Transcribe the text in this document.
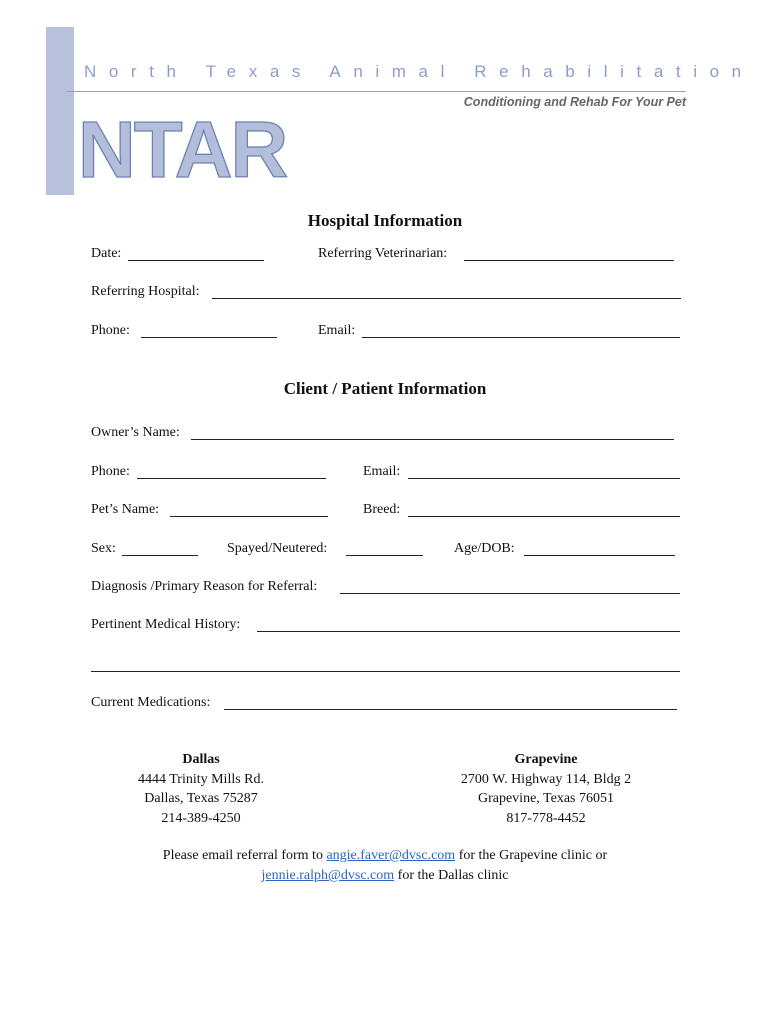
North Texas Animal Rehabilitation
Conditioning and Rehab For Your Pet
NTAR
Hospital Information
Date:	Referring Veterinarian:
Referring Hospital:
Phone:	Email:
Client / Patient Information
Owner’s Name:
Phone:	Email:
Pet’s Name:	Breed:
Sex:	Spayed/Neutered:	Age/DOB:
Diagnosis /Primary Reason for Referral:
Pertinent Medical History:
Current Medications:
Dallas
4444 Trinity Mills Rd.
Dallas, Texas 75287
214-389-4250
Grapevine
2700 W. Highway 114, Bldg 2
Grapevine, Texas 76051
817-778-4452
Please email referral form to angie.faver@dvsc.com for the Grapevine clinic or
jennie.ralph@dvsc.com for the Dallas clinic
